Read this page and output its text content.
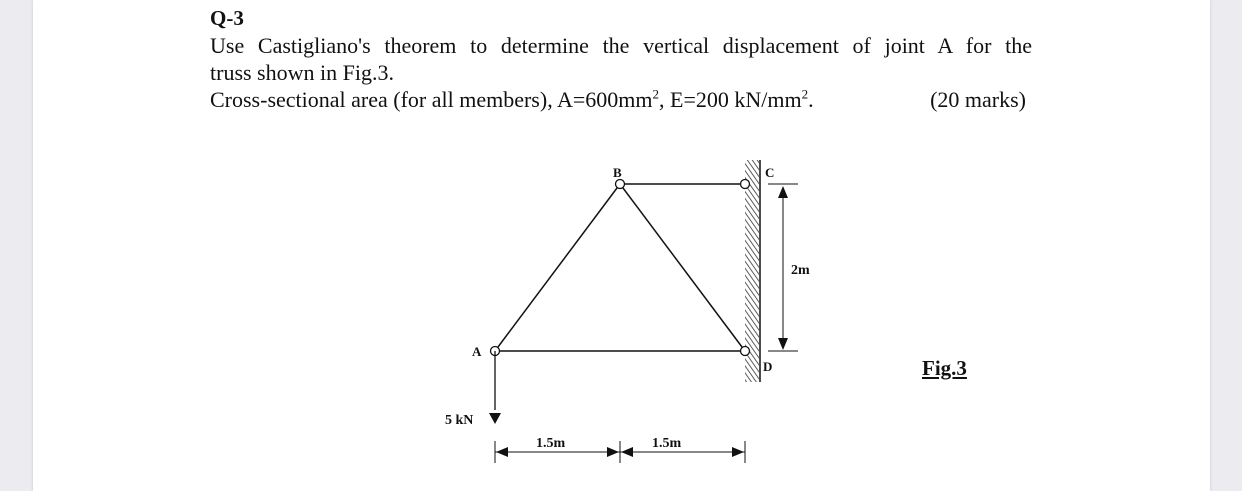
Q-3
Use Castigliano's theorem to determine the vertical displacement of joint A for the
truss shown in Fig.3.
Cross-sectional area (for all members), $A=600mm^2$, E=200 $kN/mm^2$.	(20 marks)
A
B	C
D
5 kN
2m
1.5m	1.5m
Fig.3
